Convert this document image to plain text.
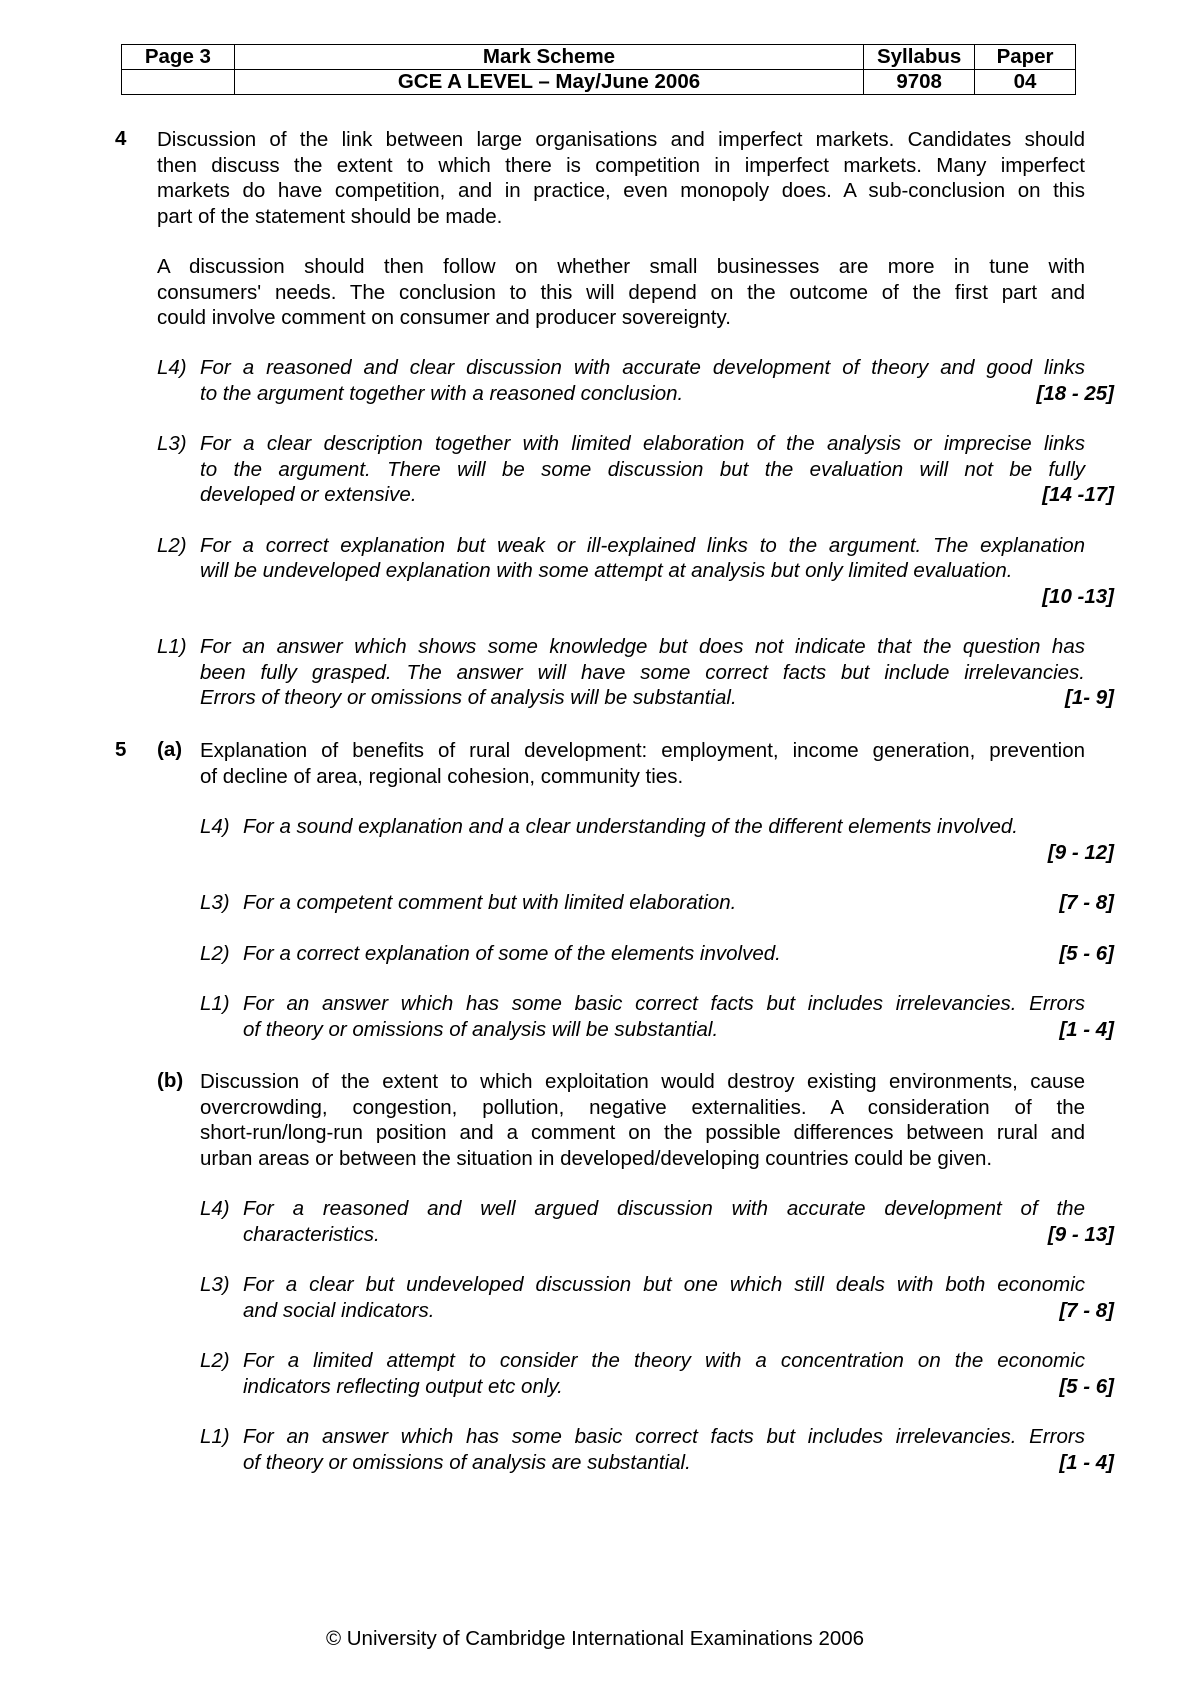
Page 3	Mark Scheme	Syllabus	Paper
	GCE A LEVEL – May/June 2006	9708	04
4 Discussion of the link between large organisations and imperfect markets. Candidates should
then discuss the extent to which there is competition in imperfect markets. Many imperfect
markets do have competition, and in practice, even monopoly does. A sub-conclusion on this
part of the statement should be made.
A discussion should then follow on whether small businesses are more in tune with
consumers' needs. The conclusion to this will depend on the outcome of the first part and
could involve comment on consumer and producer sovereignty.
L4) For a reasoned and clear discussion with accurate development of theory and good links
to the argument together with a reasoned conclusion.	[18 - 25]
L3) For a clear description together with limited elaboration of the analysis or imprecise links
to the argument. There will be some discussion but the evaluation will not be fully
developed or extensive.	[14 -17]
L2) For a correct explanation but weak or ill-explained links to the argument. The explanation
will be undeveloped explanation with some attempt at analysis but only limited evaluation.
[10 -13]
L1) For an answer which shows some knowledge but does not indicate that the question has
been fully grasped. The answer will have some correct facts but include irrelevancies.
Errors of theory or omissions of analysis will be substantial.	[1- 9]
5 (a) Explanation of benefits of rural development: employment, income generation, prevention
of decline of area, regional cohesion, community ties.
L4) For a sound explanation and a clear understanding of the different elements involved.
[9 - 12]
L3) For a competent comment but with limited elaboration.	[7 - 8]
L2) For a correct explanation of some of the elements involved.	[5 - 6]
L1) For an answer which has some basic correct facts but includes irrelevancies. Errors
of theory or omissions of analysis will be substantial.	[1 - 4]
(b) Discussion of the extent to which exploitation would destroy existing environments, cause
overcrowding, congestion, pollution, negative externalities. A consideration of the
short-run/long-run position and a comment on the possible differences between rural and
urban areas or between the situation in developed/developing countries could be given.
L4) For a reasoned and well argued discussion with accurate development of the
characteristics.	[9 - 13]
L3) For a clear but undeveloped discussion but one which still deals with both economic
and social indicators.	[7 - 8]
L2) For a limited attempt to consider the theory with a concentration on the economic
indicators reflecting output etc only.	[5 - 6]
L1) For an answer which has some basic correct facts but includes irrelevancies. Errors
of theory or omissions of analysis are substantial.	[1 - 4]
© University of Cambridge International Examinations 2006
